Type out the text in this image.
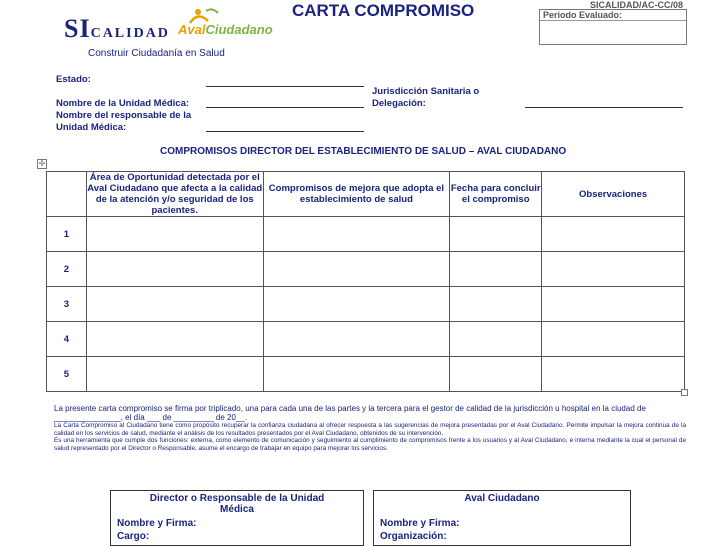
SICALIDAD AvalCiudadano
CARTA COMPROMISO	SICALIDAD/AC-CC/08
Periodo Evaluado:
Construir Ciudadanía en Salud
Estado:
Nombre de la Unidad Médica:
Nombre del responsable de la
Unidad Médica:
Jurisdicción Sanitaria o
Delegación:
COMPROMISOS DIRECTOR DEL ESTABLECIMIENTO DE SALUD – AVAL CIUDADANO
✢
	Área de Oportunidad detectada por el Aval Ciudadano que afecta a la calidad de la atención y/o seguridad de los pacientes.	Compromisos de mejora que adopta el establecimiento de salud	Fecha para concluir el compromiso	Observaciones
1				
2				
3				
4				
5				
La presente carta compromiso se firma por triplicado, una para cada una de las partes y la tercera para el gestor de calidad de la jurisdicción u hospital en la ciudad de
_______________, el día ___ de _________ de 20__.
La Carta Compromiso al Ciudadano tiene como propósito recuperar la confianza ciudadana al ofrecer respuesta a las sugerencias de mejora presentadas por el Aval Ciudadano. Permite impulsar la mejora continua de la calidad en los servicios de salud, mediante el análisis de los resultados presentados por el Aval Ciudadano, obtenidos de su intervención.
Es una herramienta que cumple dos funciones: externa, como elemento de comunicación y seguimiento al cumplimiento de compromisos frente a los usuarios y al Aval Ciudadano, e interna mediante la cual el personal de salud representado por el Director o Responsable, asume el encargo de trabajar en equipo para mejorar los servicios.
Director o Responsable de la Unidad
Médica
Nombre y Firma:
Cargo:
Aval Ciudadano
Nombre y Firma:
Organización:
